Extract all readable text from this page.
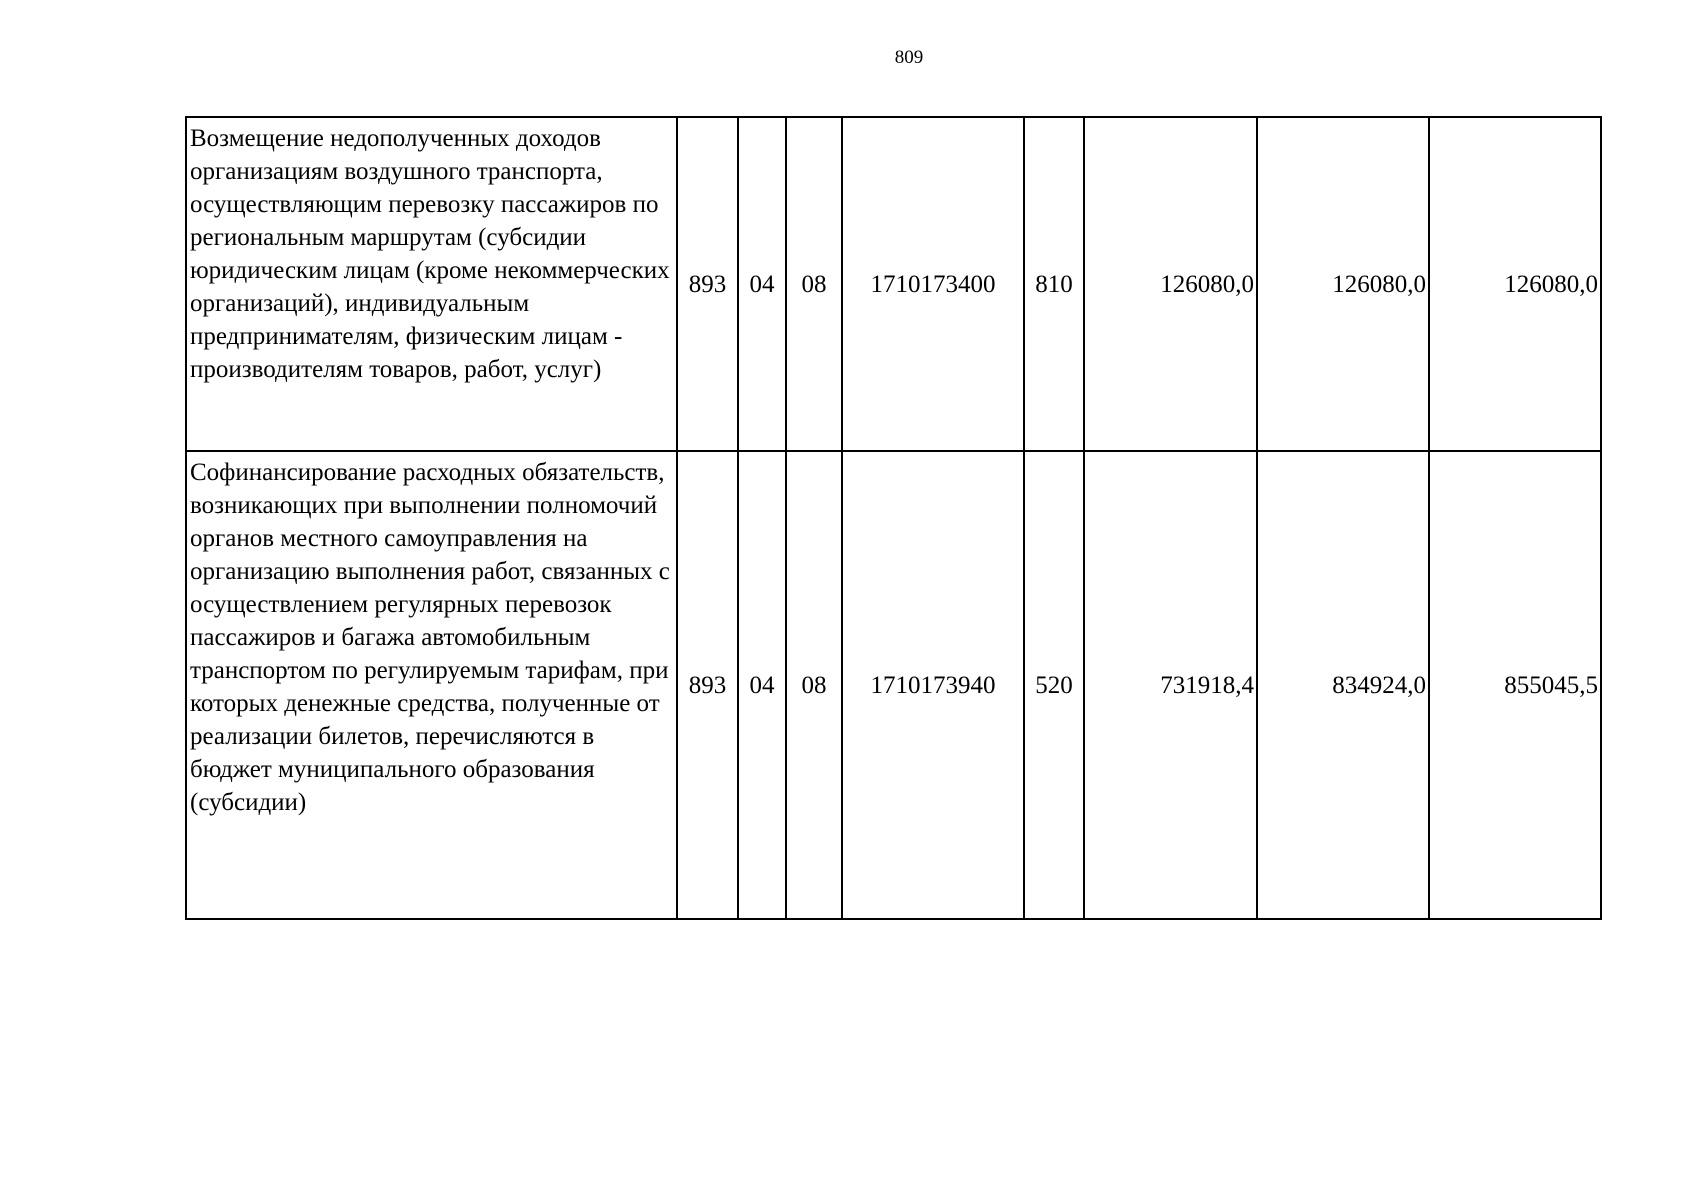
809
Возмещение недополученных доходов организациям воздушного транспорта, осуществляющим перевозку пассажиров по региональным маршрутам (субсидии юридическим лицам (кроме некоммерческих организаций), индивидуальным предпринимателям, физическим лицам - производителям товаров, работ, услуг)	893	04	08	1710173400	810	126080,0	126080,0	126080,0
Софинансирование расходных обязательств, возникающих при выполнении полномочий органов местного самоуправления на организацию выполнения работ, связанных с осуществлением регулярных перевозок пассажиров и багажа автомобильным транспортом по регулируемым тарифам, при которых денежные средства, полученные от реализации билетов, перечисляются в бюджет муниципального образования (субсидии)	893	04	08	1710173940	520	731918,4	834924,0	855045,5
